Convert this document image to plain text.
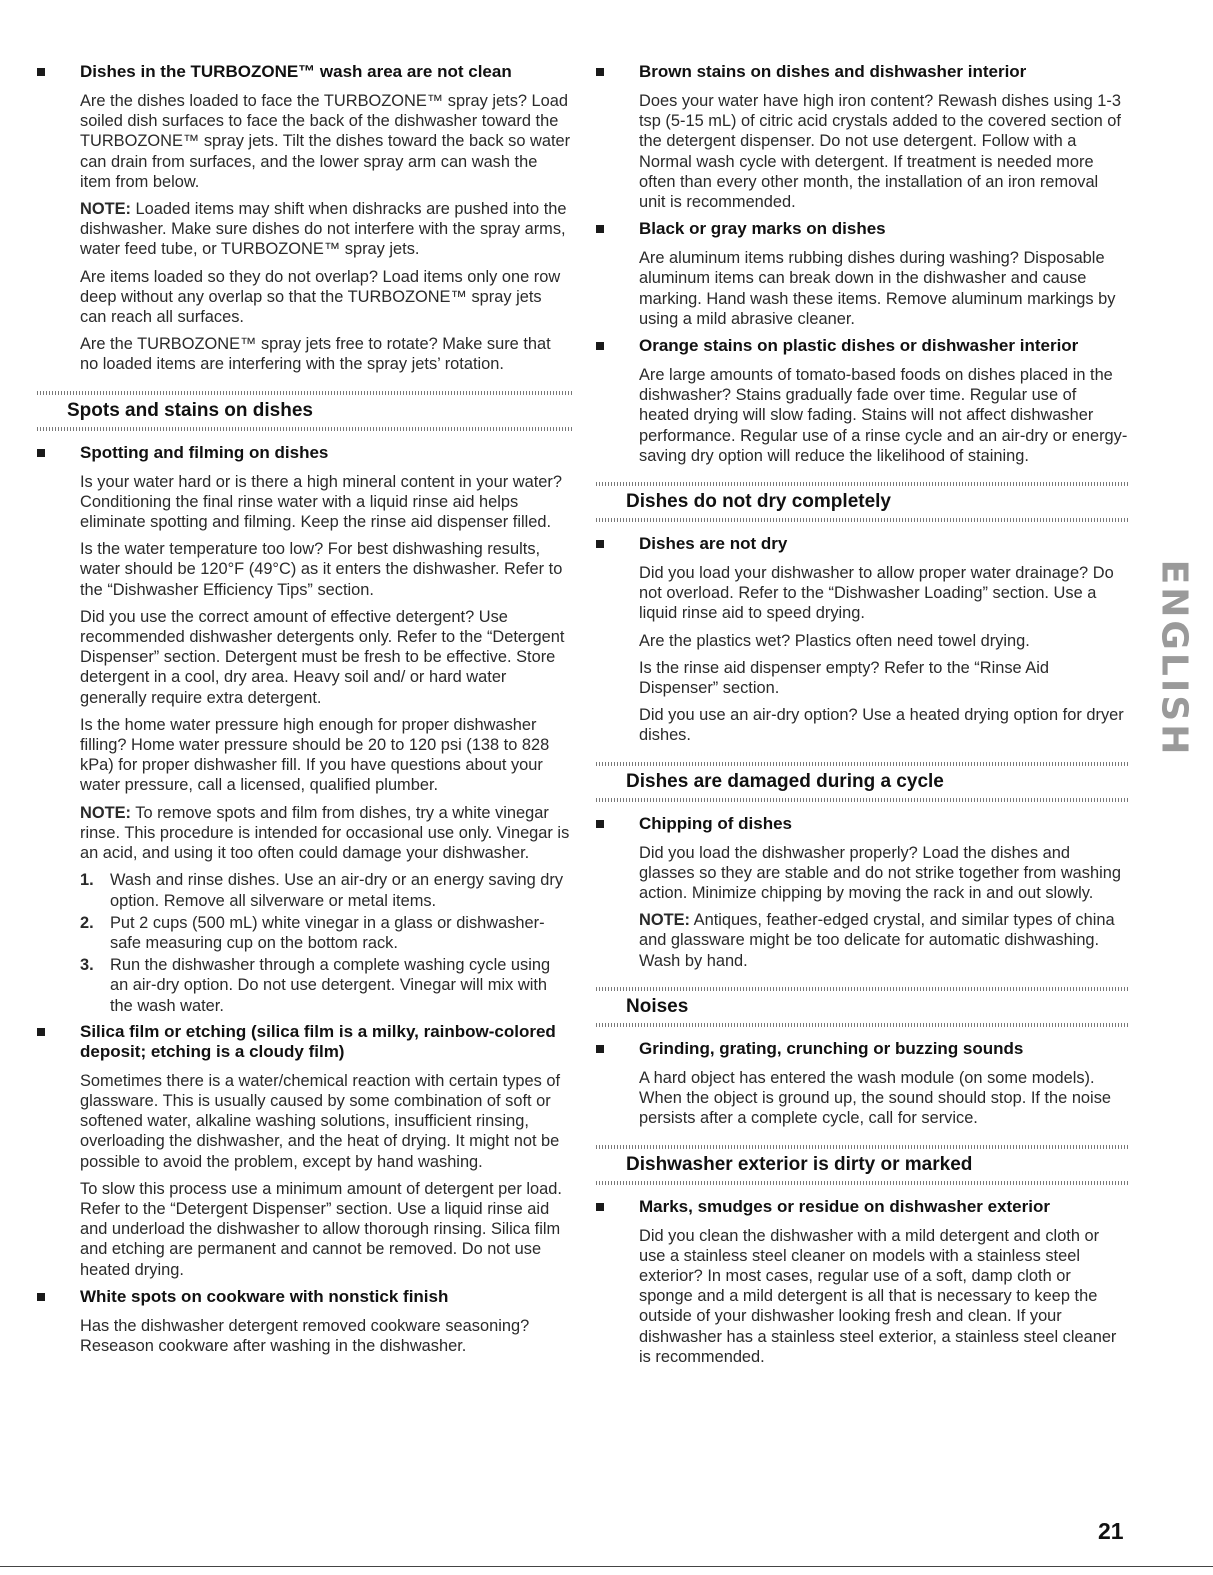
Dishes in the TURBOZONE™ wash area are not clean

Are the dishes loaded to face the TURBOZONE™ spray jets? Load soiled dish surfaces to face the back of the dishwasher toward the TURBOZONE™ spray jets. Tilt the dishes toward the back so water can drain from surfaces, and the lower spray arm can wash the item from below.

NOTE: Loaded items may shift when dishracks are pushed into the dishwasher. Make sure dishes do not interfere with the spray arms, water feed tube, or TURBOZONE™ spray jets.

Are items loaded so they do not overlap? Load items only one row deep without any overlap so that the TURBOZONE™ spray jets can reach all surfaces.

Are the TURBOZONE™ spray jets free to rotate? Make sure that no loaded items are interfering with the spray jets’ rotation.

Spots and stains on dishes
Spotting and filming on dishes

Is your water hard or is there a high mineral content in your water? Conditioning the final rinse water with a liquid rinse aid helps eliminate spotting and filming. Keep the rinse aid dispenser filled.

Is the water temperature too low? For best dishwashing results, water should be 120°F (49°C) as it enters the dishwasher. Refer to the “Dishwasher Efficiency Tips” section.

Did you use the correct amount of effective detergent? Use recommended dishwasher detergents only. Refer to the “Detergent Dispenser” section. Detergent must be fresh to be effective. Store detergent in a cool, dry area. Heavy soil and/ or hard water generally require extra detergent.

Is the home water pressure high enough for proper dishwasher filling? Home water pressure should be 20 to 120 psi (138 to 828 kPa) for proper dishwasher fill. If you have questions about your water pressure, call a licensed, qualified plumber.

NOTE: To remove spots and film from dishes, try a white vinegar rinse. This procedure is intended for occasional use only. Vinegar is an acid, and using it too often could damage your dishwasher.

1. Wash and rinse dishes. Use an air-dry or an energy saving dry option. Remove all silverware or metal items.
2. Put 2 cups (500 mL) white vinegar in a glass or dishwasher-safe measuring cup on the bottom rack.
3. Run the dishwasher through a complete washing cycle using an air-dry option. Do not use detergent. Vinegar will mix with the wash water.
Silica film or etching (silica film is a milky, rainbow-colored deposit; etching is a cloudy film)

Sometimes there is a water/chemical reaction with certain types of glassware. This is usually caused by some combination of soft or softened water, alkaline washing solutions, insufficient rinsing, overloading the dishwasher, and the heat of drying. It might not be possible to avoid the problem, except by hand washing.

To slow this process use a minimum amount of detergent per load. Refer to the “Detergent Dispenser” section. Use a liquid rinse aid and underload the dishwasher to allow thorough rinsing. Silica film and etching are permanent and cannot be removed. Do not use heated drying.

White spots on cookware with nonstick finish

Has the dishwasher detergent removed cookware seasoning? Reseason cookware after washing in the dishwasher.

Brown stains on dishes and dishwasher interior

Does your water have high iron content? Rewash dishes using 1-3 tsp (5-15 mL) of citric acid crystals added to the covered section of the detergent dispenser. Do not use detergent. Follow with a Normal wash cycle with detergent. If treatment is needed more often than every other month, the installation of an iron removal unit is recommended.

Black or gray marks on dishes

Are aluminum items rubbing dishes during washing? Disposable aluminum items can break down in the dishwasher and cause marking. Hand wash these items. Remove aluminum markings by using a mild abrasive cleaner.

Orange stains on plastic dishes or dishwasher interior

Are large amounts of tomato-based foods on dishes placed in the dishwasher? Stains gradually fade over time. Regular use of heated drying will slow fading. Stains will not affect dishwasher performance. Regular use of a rinse cycle and an air-dry or energy-saving dry option will reduce the likelihood of staining.

Dishes do not dry completely
Dishes are not dry

Did you load your dishwasher to allow proper water drainage? Do not overload. Refer to the “Dishwasher Loading” section. Use a liquid rinse aid to speed drying.

Are the plastics wet? Plastics often need towel drying.

Is the rinse aid dispenser empty? Refer to the “Rinse Aid Dispenser” section.

Did you use an air-dry option? Use a heated drying option for dryer dishes.

Dishes are damaged during a cycle
Chipping of dishes

Did you load the dishwasher properly? Load the dishes and glasses so they are stable and do not strike together from washing action. Minimize chipping by moving the rack in and out slowly.

NOTE: Antiques, feather-edged crystal, and similar types of china and glassware might be too delicate for automatic dishwashing. Wash by hand.

Noises
Grinding, grating, crunching or buzzing sounds

A hard object has entered the wash module (on some models). When the object is ground up, the sound should stop. If the noise persists after a complete cycle, call for service.

Dishwasher exterior is dirty or marked
Marks, smudges or residue on dishwasher exterior

Did you clean the dishwasher with a mild detergent and cloth or use a stainless steel cleaner on models with a stainless steel exterior? In most cases, regular use of a soft, damp cloth or sponge and a mild detergent is all that is necessary to keep the outside of your dishwasher looking fresh and clean. If your dishwasher has a stainless steel exterior, a stainless steel cleaner is recommended.

ENGLISH
21
